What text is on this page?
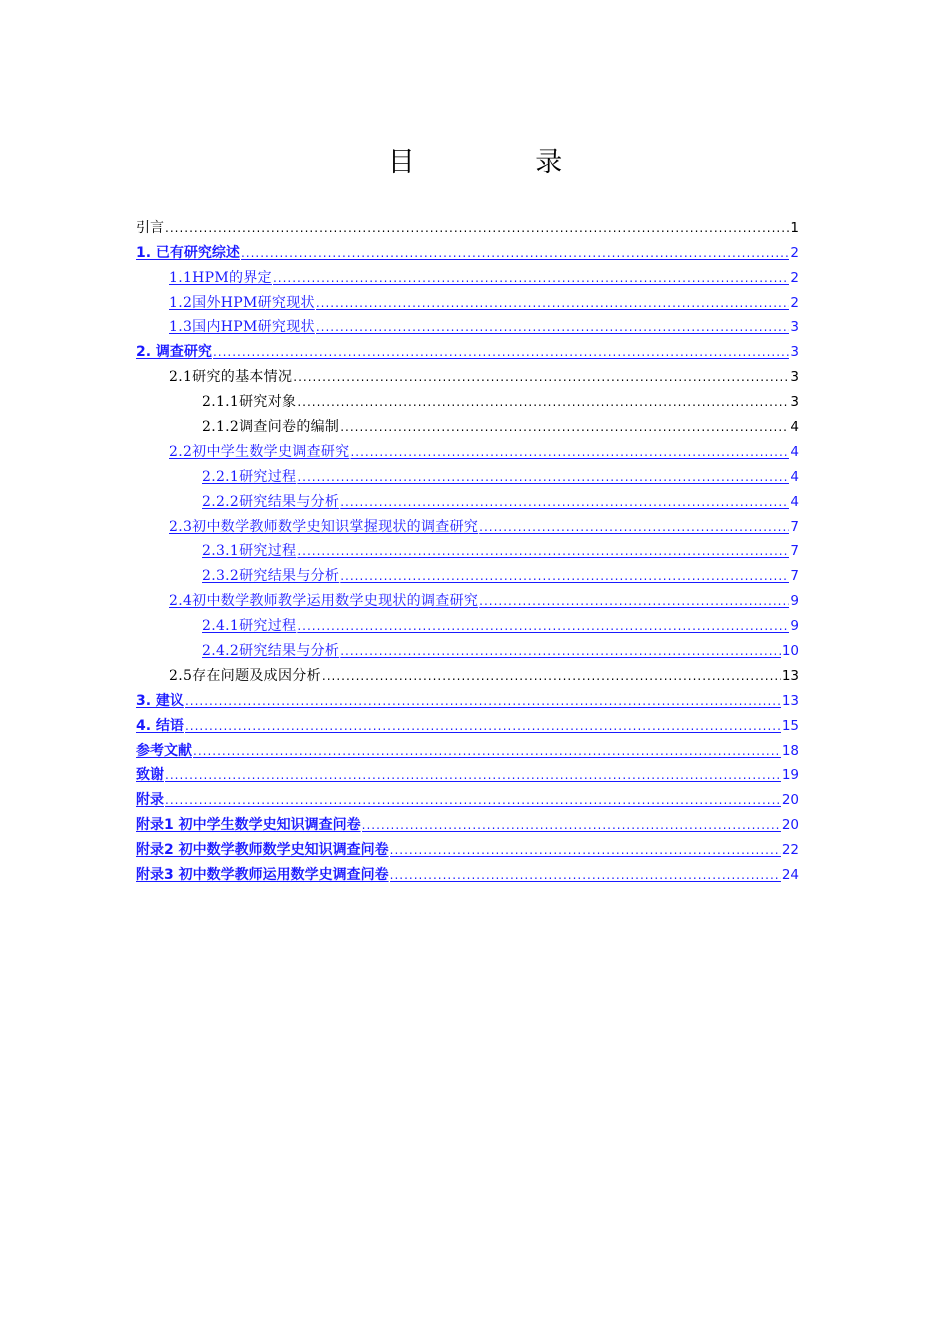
目 录
引言 .....	1
1. 已有研究综述 .....	2
1.1HPM的界定 .....	2
1.2国外HPM研究现状 .....	2
1.3国内HPM研究现状 .....	3
2. 调查研究 .....	3
2.1研究的基本情况 .....	3
2.1.1研究对象 .....	3
2.1.2调查问卷的编制 .....	4
2.2初中学生数学史调查研究 .....	4
2.2.1研究过程 .....	4
2.2.2研究结果与分析 .....	4
2.3初中数学教师数学史知识掌握现状的调查研究 .....	7
2.3.1研究过程 .....	7
2.3.2研究结果与分析 .....	7
2.4初中数学教师教学运用数学史现状的调查研究 .....	9
2.4.1研究过程 .....	9
2.4.2研究结果与分析 .....	10
2.5存在问题及成因分析 .....	13
3. 建议 .....	13
4. 结语 .....	15
参考文献 .....	18
致谢 .....	19
附录 .....	20
附录1 初中学生数学史知识调查问卷 .....	20
附录2 初中数学教师数学史知识调查问卷 .....	22
附录3 初中数学教师运用数学史调查问卷 .....	24
